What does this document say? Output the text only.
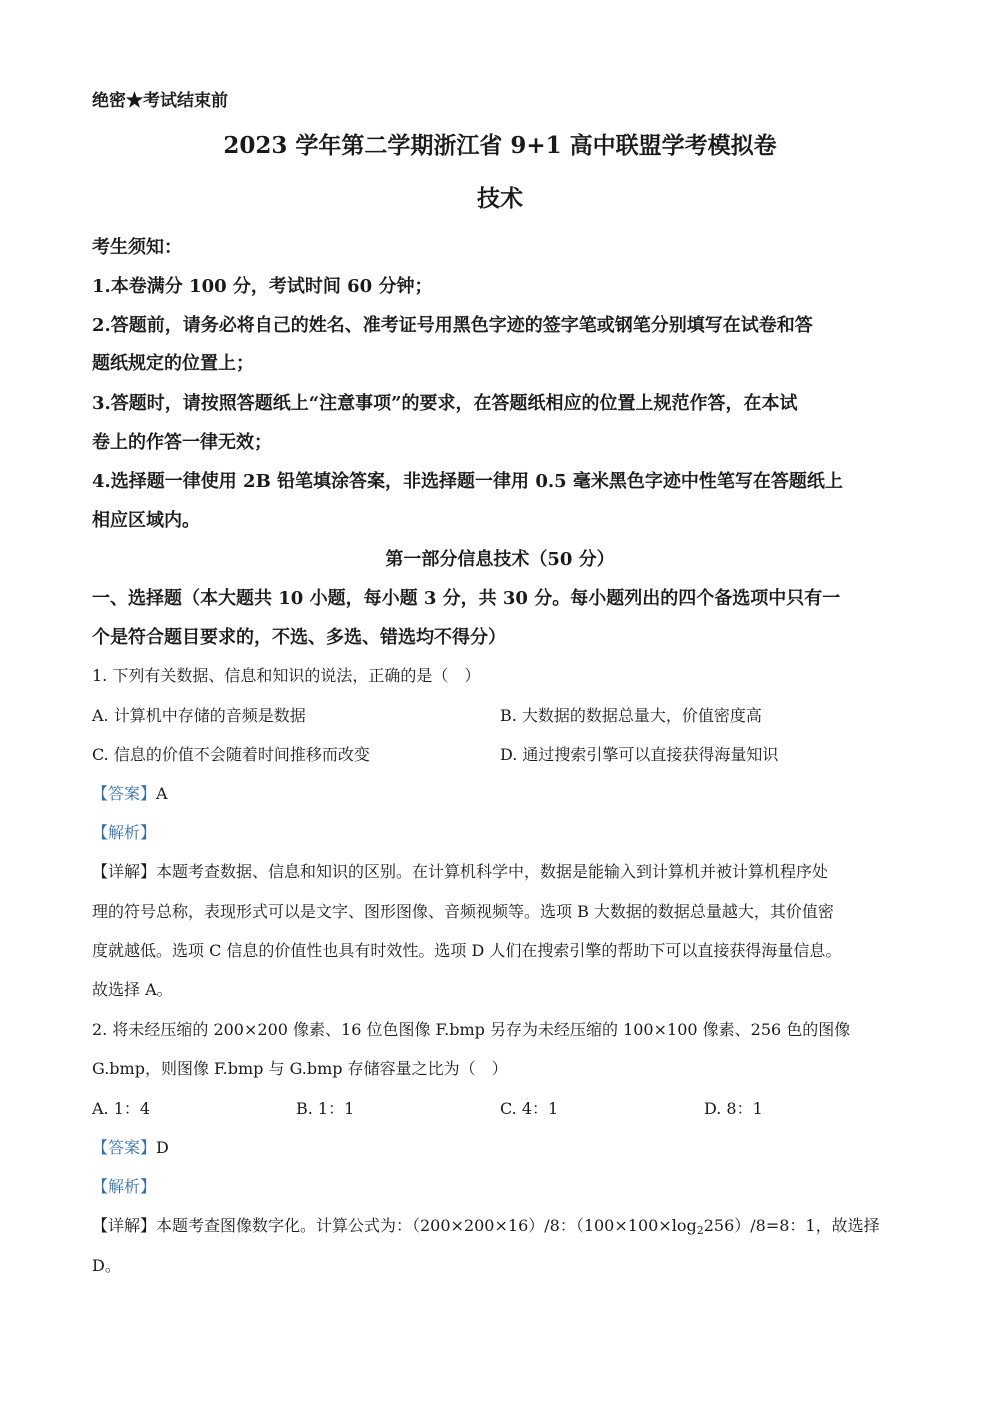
绝密★考试结束前
2023 学年第二学期浙江省 9+1 高中联盟学考模拟卷
技术
考生须知：
1.本卷满分 100 分，考试时间 60 分钟；
2.答题前，请务必将自己的姓名、准考证号用黑色字迹的签字笔或钢笔分别填写在试卷和答
题纸规定的位置上；
3.答题时，请按照答题纸上“注意事项”的要求，在答题纸相应的位置上规范作答，在本试
卷上的作答一律无效；
4.选择题一律使用 2B 铅笔填涂答案，非选择题一律用 0.5 毫米黑色字迹中性笔写在答题纸上
相应区域内。
第一部分信息技术（50 分）
一、选择题（本大题共 10 小题，每小题 3 分，共 30 分。每小题列出的四个备选项中只有一
个是符合题目要求的，不选、多选、错选均不得分）
1. 下列有关数据、信息和知识的说法，正确的是（　）
A. 计算机中存储的音频是数据	B. 大数据的数据总量大，价值密度高
C. 信息的价值不会随着时间推移而改变	D. 通过搜索引擎可以直接获得海量知识
【答案】A
【解析】
【详解】本题考查数据、信息和知识的区别。在计算机科学中，数据是能输入到计算机并被计算机程序处
理的符号总称，表现形式可以是文字、图形图像、音频视频等。选项 B 大数据的数据总量越大，其价值密
度就越低。选项 C 信息的价值性也具有时效性。选项 D 人们在搜索引擎的帮助下可以直接获得海量信息。
故选择 A。
2. 将未经压缩的 200×200 像素、16 位色图像 F.bmp 另存为未经压缩的 100×100 像素、256 色的图像
G.bmp，则图像 F.bmp 与 G.bmp 存储容量之比为（　）
A. 1：4	B. 1：1	C. 4：1	D. 8：1
【答案】D
【解析】
【详解】本题考查图像数字化。计算公式为：（200×200×16）/8：$(100\times 100\times\log_2256)/8=8$：1，故选择
D。
